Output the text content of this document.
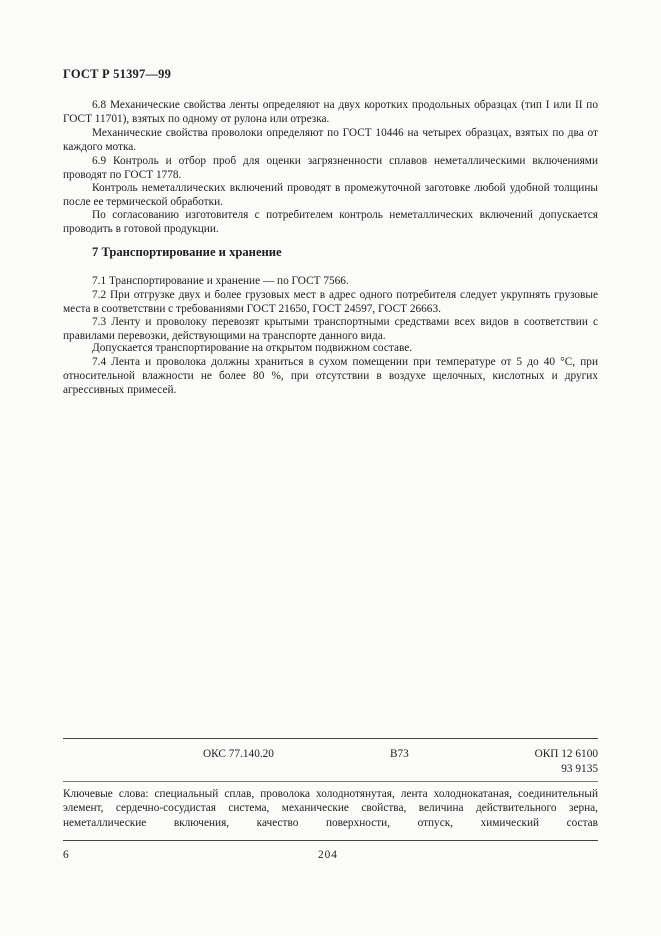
ГОСТ Р 51397—99

6.8 Механические свойства ленты определяют на двух коротких продольных образцах (тип I или II по ГОСТ 11701), взятых по одному от рулона или отрезка.

Механические свойства проволоки определяют по ГОСТ 10446 на четырех образцах, взятых по два от каждого мотка.

6.9 Контроль и отбор проб для оценки загрязненности сплавов неметаллическими включениями проводят по ГОСТ 1778.

Контроль неметаллических включений проводят в промежуточной заготовке любой удобной толщины после ее термической обработки.

По согласованию изготовителя с потребителем контроль неметаллических включений допускается проводить в готовой продукции.

7 Транспортирование и хранение

7.1 Транспортирование и хранение — по ГОСТ 7566.

7.2 При отгрузке двух и более грузовых мест в адрес одного потребителя следует укрупнять грузовые места в соответствии с требованиями ГОСТ 21650, ГОСТ 24597, ГОСТ 26663.

7.3 Ленту и проволоку перевозят крытыми транспортными средствами всех видов в соответствии с правилами перевозки, действующими на транспорте данного вида.

Допускается транспортирование на открытом подвижном составе.

7.4 Лента и проволока должны храниться в сухом помещении при температуре от 5 до 40 °С, при относительной влажности не более 80 %, при отсутствии в воздухе щелочных, кислотных и других агрессивных примесей.

ОКС 77.140.20	В73	ОКП 12 6100
93 9135

Ключевые слова: специальный сплав, проволока холоднотянутая, лента холоднокатаная, соединительный элемент, сердечно-сосудистая система, механические свойства, величина действительного зерна, неметаллические включения, качество поверхности, отпуск, химический состав

6	204
